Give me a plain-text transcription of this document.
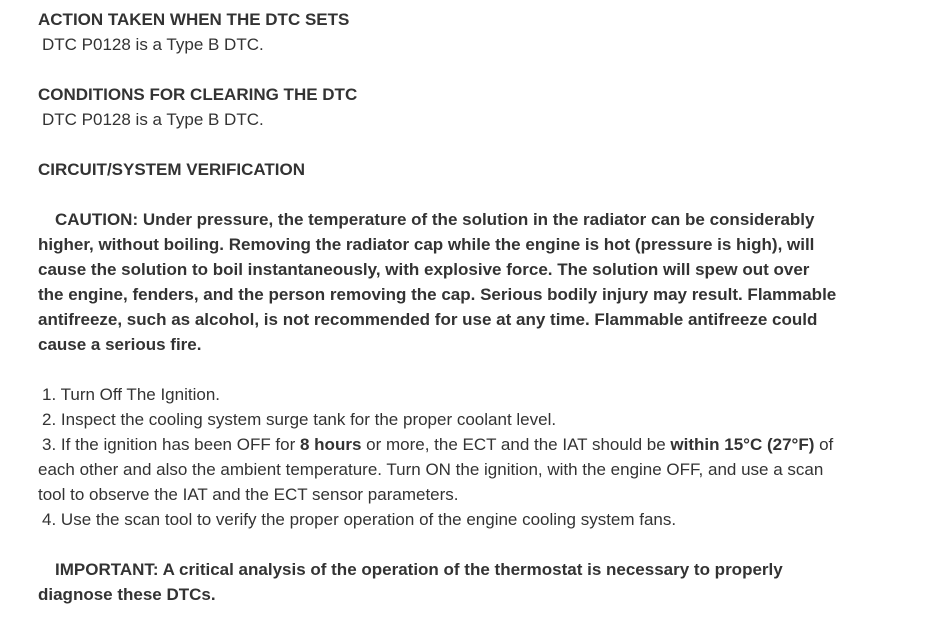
ACTION TAKEN WHEN THE DTC SETS

DTC P0128 is a Type B DTC.

CONDITIONS FOR CLEARING THE DTC

DTC P0128 is a Type B DTC.

CIRCUIT/SYSTEM VERIFICATION

CAUTION: Under pressure, the temperature of the solution in the radiator can be considerably higher, without boiling. Removing the radiator cap while the engine is hot (pressure is high), will cause the solution to boil instantaneously, with explosive force. The solution will spew out over the engine, fenders, and the person removing the cap. Serious bodily injury may result. Flammable antifreeze, such as alcohol, is not recommended for use at any time. Flammable antifreeze could cause a serious fire.

1. Turn Off The Ignition.

2. Inspect the cooling system surge tank for the proper coolant level.

3. If the ignition has been OFF for 8 hours or more, the ECT and the IAT should be within 15°C (27°F) of each other and also the ambient temperature. Turn ON the ignition, with the engine OFF, and use a scan tool to observe the IAT and the ECT sensor parameters.

4. Use the scan tool to verify the proper operation of the engine cooling system fans.

IMPORTANT: A critical analysis of the operation of the thermostat is necessary to properly diagnose these DTCs.
